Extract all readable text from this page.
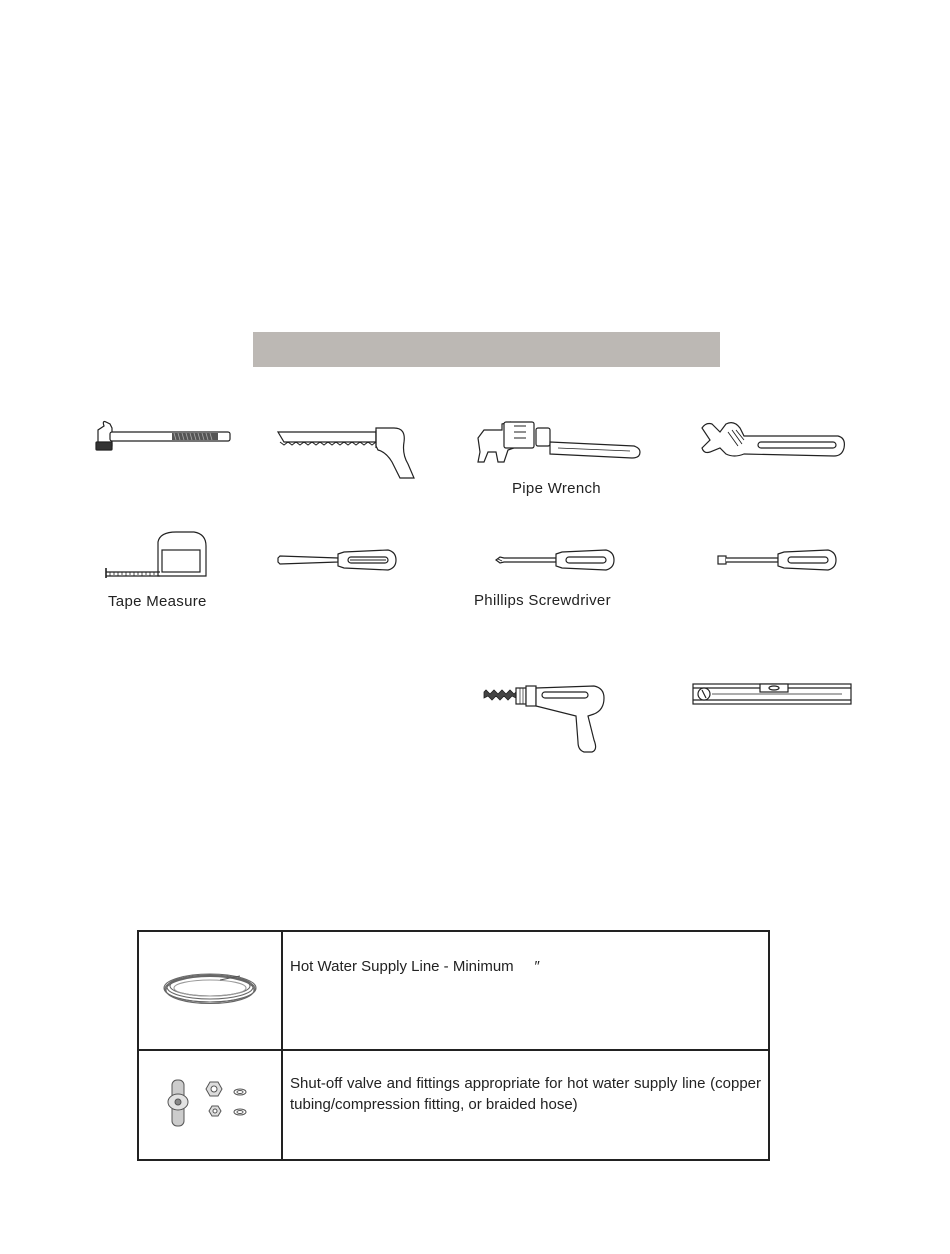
Pipe Wrench
Tape Measure	Phillips Screwdriver
	Hot Water Supply Line - Minimum     ″
	Shut-off valve and fittings appropriate for hot water supply line (copper tubing/compression fitting, or braided hose)
